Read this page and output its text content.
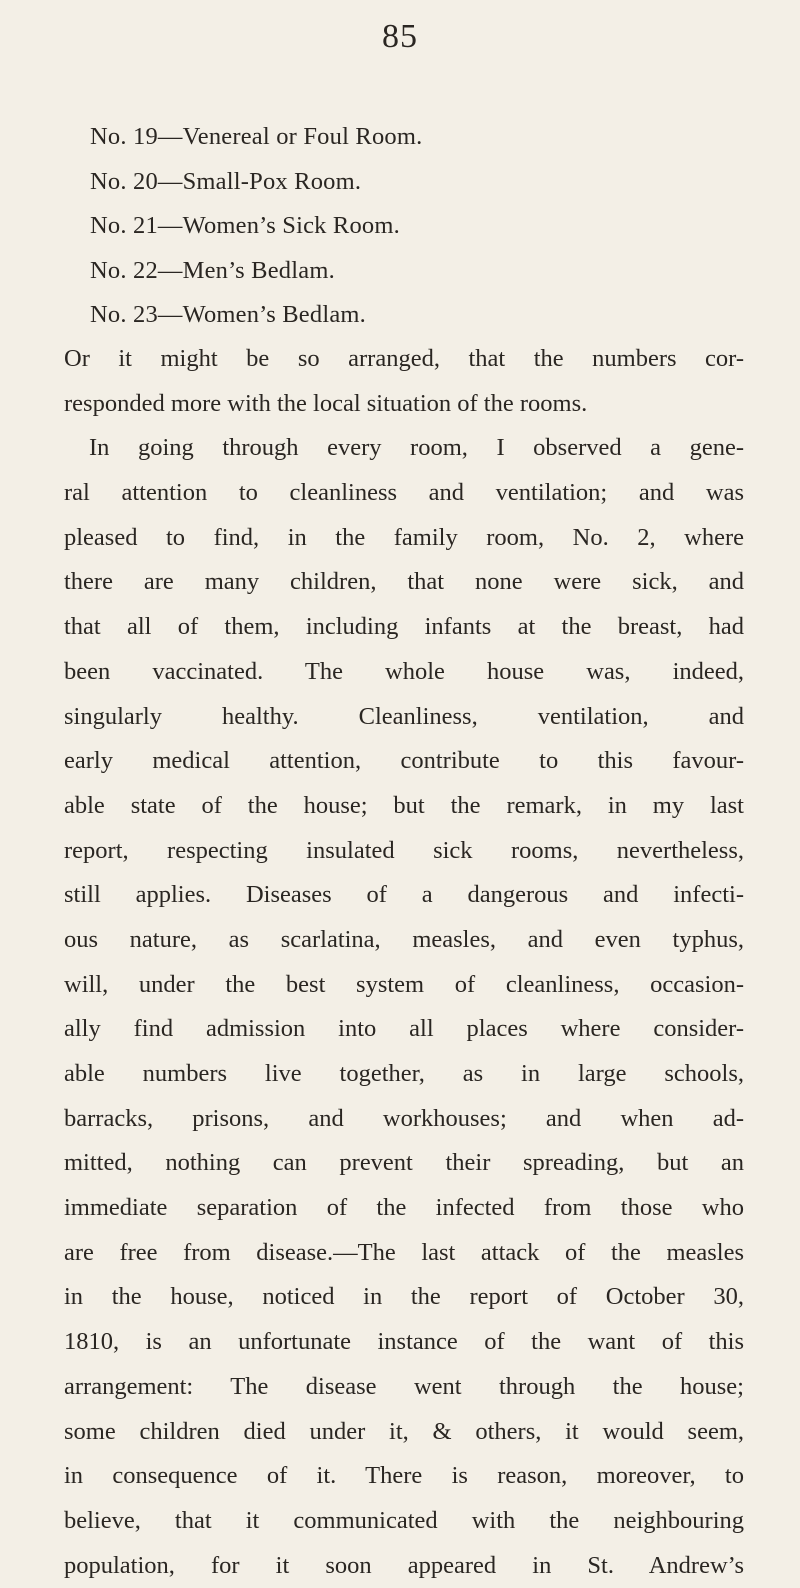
85
No. 19—Venereal or Foul Room.
No. 20—Small-Pox Room.
No. 21—Women’s Sick Room.
No. 22—Men’s Bedlam.
No. 23—Women’s Bedlam.
Or it might be so arranged, that the numbers cor-
responded more with the local situation of the rooms.
In going through every room, I observed a gene-
ral attention to cleanliness and ventilation; and was
pleased to find, in the family room, No. 2, where
there are many children, that none were sick, and
that all of them, including infants at the breast, had
been vaccinated. The whole house was, indeed,
singularly healthy. Cleanliness, ventilation, and
early medical attention, contribute to this favour-
able state of the house; but the remark, in my last
report, respecting insulated sick rooms, nevertheless,
still applies. Diseases of a dangerous and infecti-
ous nature, as scarlatina, measles, and even typhus,
will, under the best system of cleanliness, occasion-
ally find admission into all places where consider-
able numbers live together, as in large schools,
barracks, prisons, and workhouses; and when ad-
mitted, nothing can prevent their spreading, but an
immediate separation of the infected from those who
are free from disease.—The last attack of the measles
in the house, noticed in the report of October 30,
1810, is an unfortunate instance of the want of this
arrangement: The disease went through the house;
some children died under it, & others, it would seem,
in consequence of it. There is reason, moreover, to
believe, that it communicated with the neighbouring
population, for it soon appeared in St. Andrew’s
